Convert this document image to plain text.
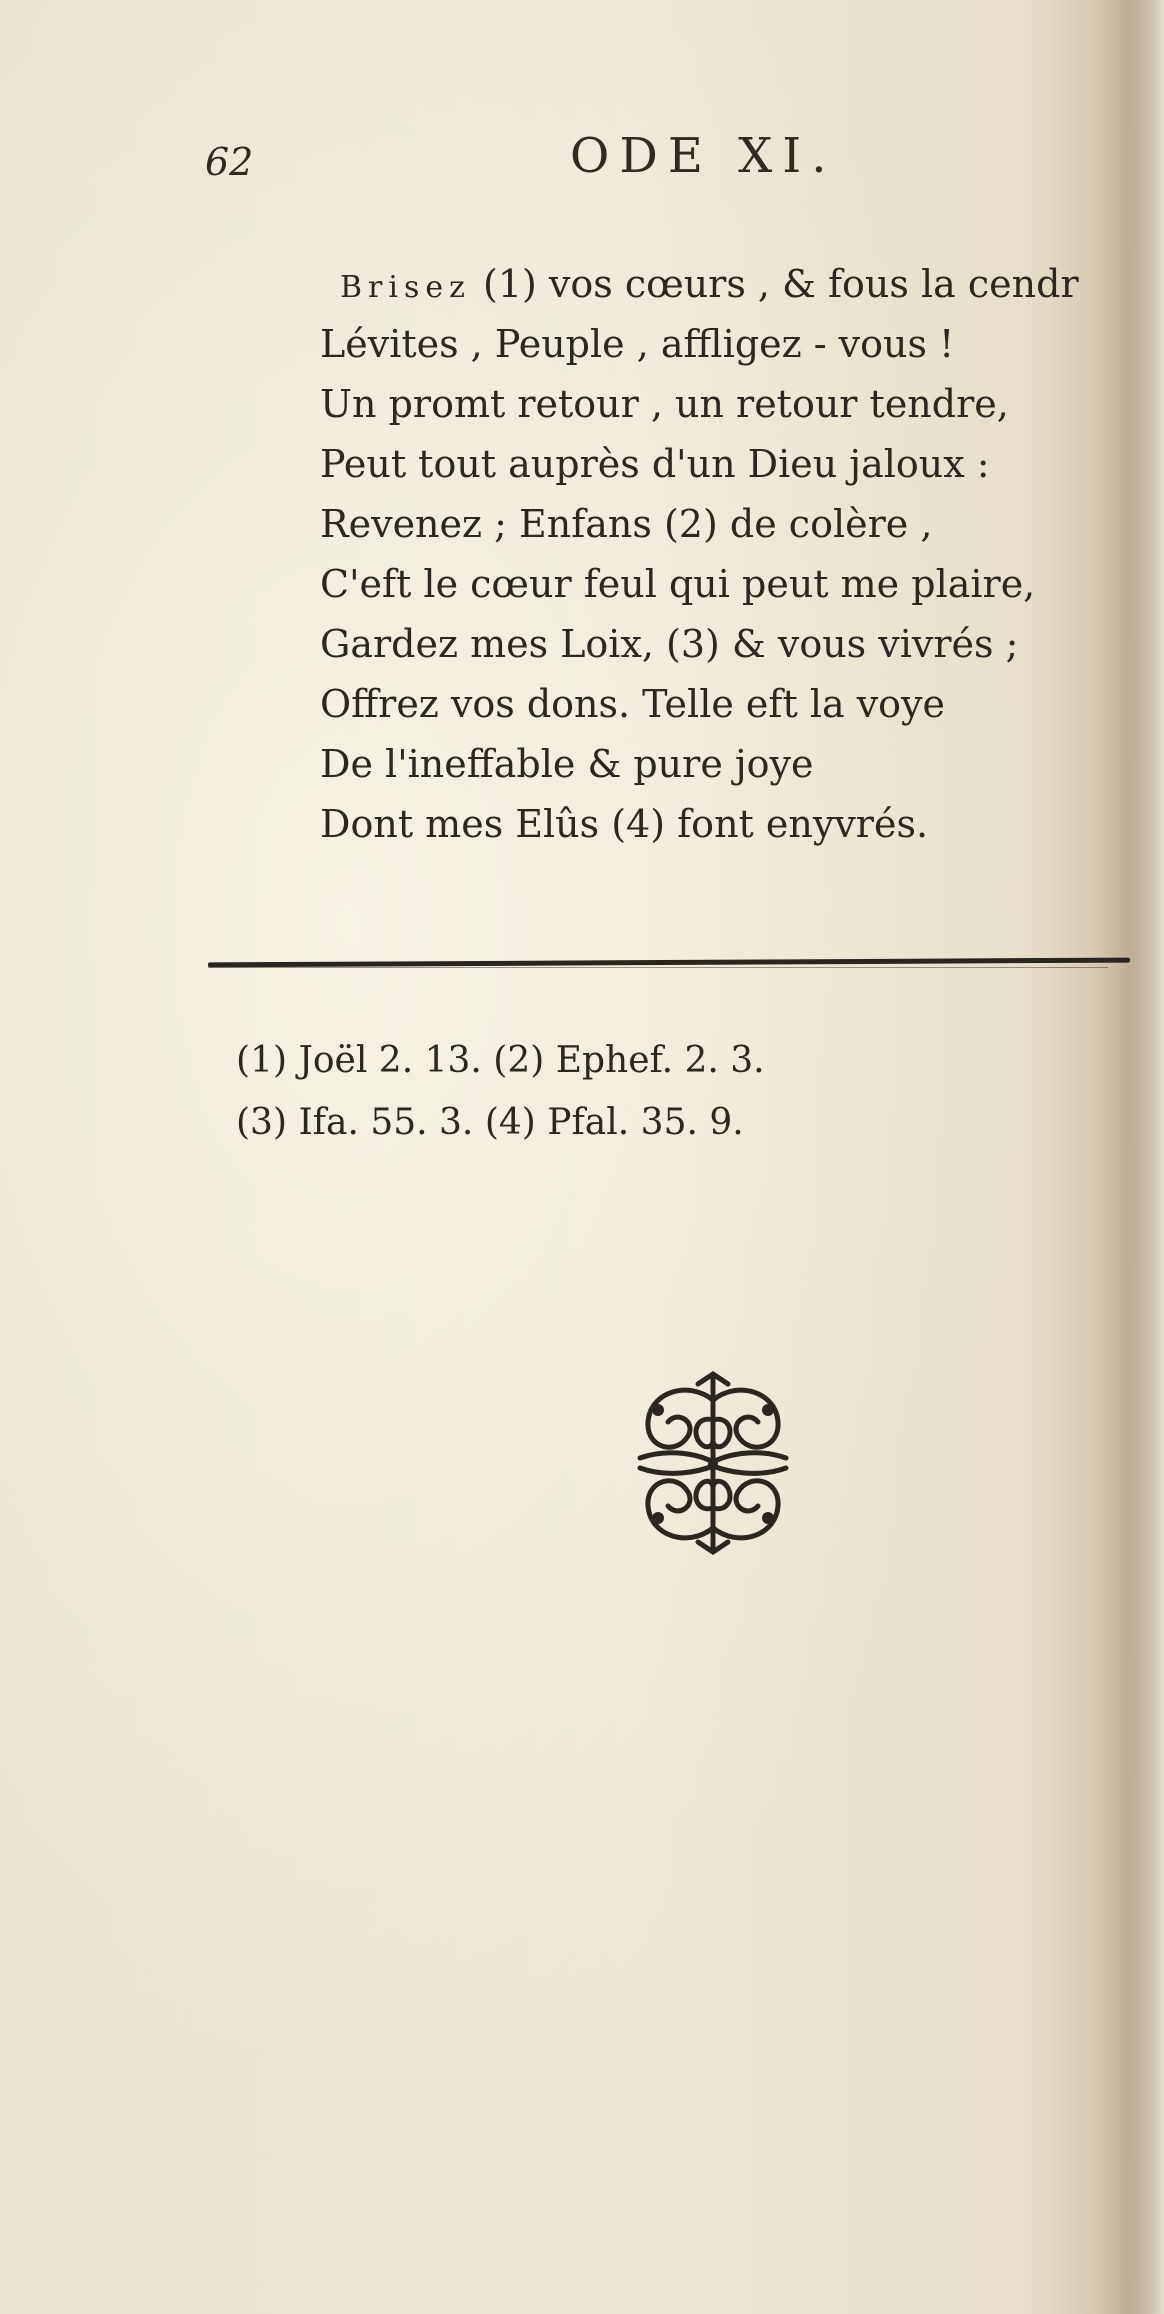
62	ODE XI.
Brisez (1) vos cœurs , & fous la cendr
Lévites , Peuple , affligez - vous !
Un promt retour , un retour tendre,
Peut tout auprès d'un Dieu jaloux :
Revenez ; Enfans (2) de colère ,
C'eft le cœur feul qui peut me plaire,
Gardez mes Loix, (3) & vous vivrés ;
Offrez vos dons. Telle eft la voye
De l'ineffable & pure joye
Dont mes Elûs (4) font enyvrés.
(1) Joël 2. 13. (2) Ephef. 2. 3.
(3) Ifa. 55. 3. (4) Pfal. 35. 9.
